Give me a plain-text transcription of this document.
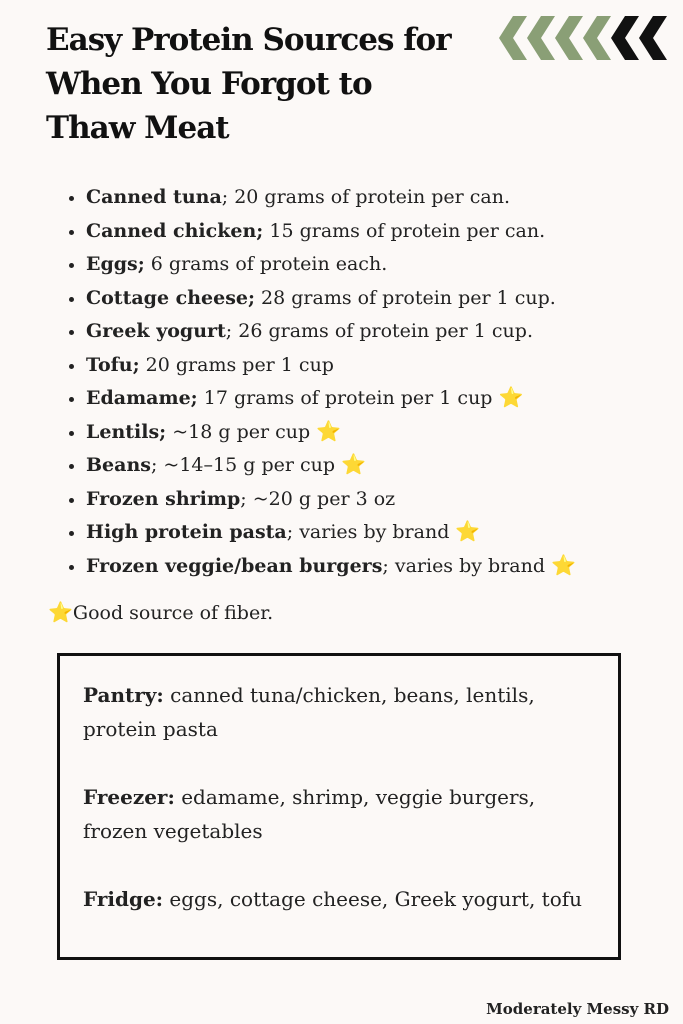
Easy Protein Sources for
When You Forgot to
Thaw Meat
• Canned tuna; 20 grams of protein per can.
• Canned chicken; 15 grams of protein per can.
• Eggs; 6 grams of protein each.
• Cottage cheese; 28 grams of protein per 1 cup.
• Greek yogurt; 26 grams of protein per 1 cup.
• Tofu; 20 grams per 1 cup
• Edamame; 17 grams of protein per 1 cup ⭐
• Lentils; ~18 g per cup ⭐
• Beans; ~14–15 g per cup ⭐
• Frozen shrimp; ~20 g per 3 oz
• High protein pasta; varies by brand ⭐
• Frozen veggie/bean burgers; varies by brand ⭐
⭐Good source of fiber.

Pantry: canned tuna/chicken, beans, lentils, protein pasta

Freezer: edamame, shrimp, veggie burgers, frozen vegetables

Fridge: eggs, cottage cheese, Greek yogurt, tofu

Moderately Messy RD
